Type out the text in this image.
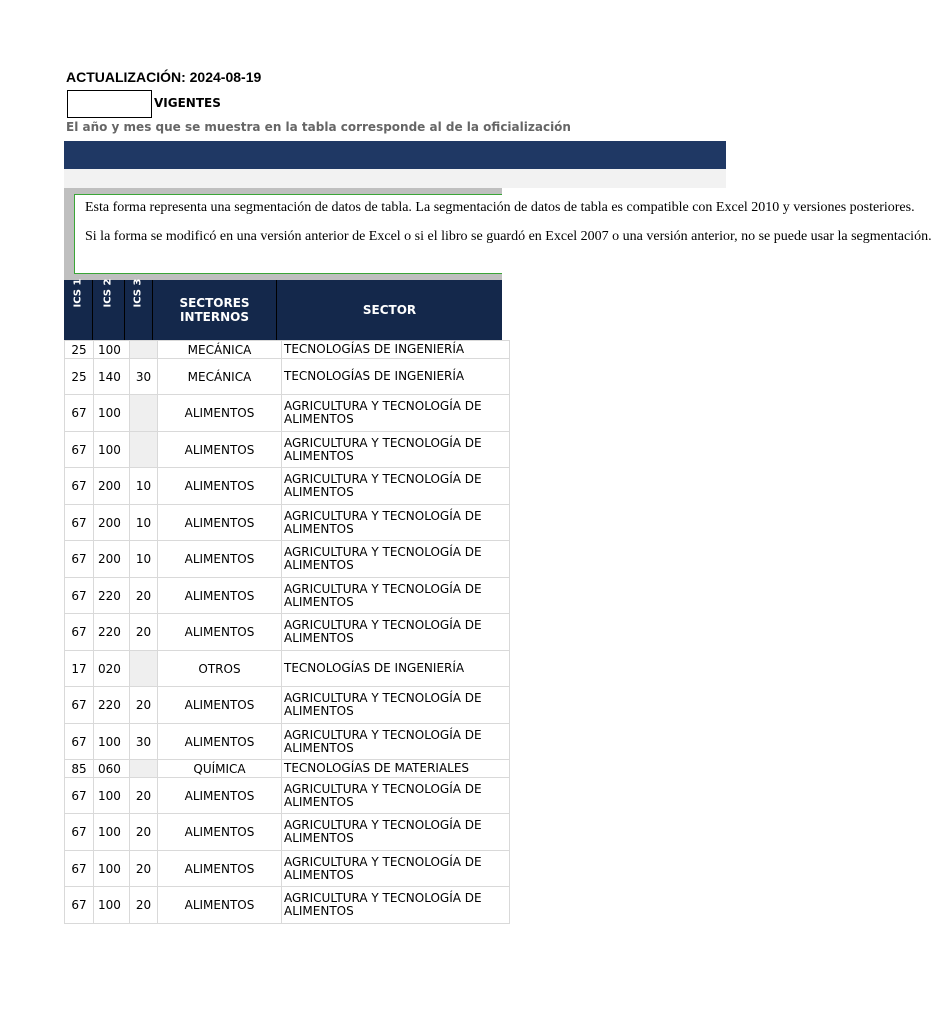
ACTUALIZACIÓN: 2024-08-19
VIGENTES
El año y mes que se muestra en la tabla corresponde al de la oficialización
Esta forma representa una segmentación de datos de tabla. La segmentación de datos de tabla es compatible con Excel 2010 y versiones posteriores.
Si la forma se modificó en una versión anterior de Excel o si el libro se guardó en Excel 2007 o una versión anterior, no se puede usar la segmentación.
ICS 1 ICS 2 ICS 3	SECTORES INTERNOS	SECTOR
25	100		MECÁNICA	TECNOLOGÍAS DE INGENIERÍA
25	140	30	MECÁNICA	TECNOLOGÍAS DE INGENIERÍA
67	100		ALIMENTOS	AGRICULTURA Y TECNOLOGÍA DE ALIMENTOS
67	100		ALIMENTOS	AGRICULTURA Y TECNOLOGÍA DE ALIMENTOS
67	200	10	ALIMENTOS	AGRICULTURA Y TECNOLOGÍA DE ALIMENTOS
67	200	10	ALIMENTOS	AGRICULTURA Y TECNOLOGÍA DE ALIMENTOS
67	200	10	ALIMENTOS	AGRICULTURA Y TECNOLOGÍA DE ALIMENTOS
67	220	20	ALIMENTOS	AGRICULTURA Y TECNOLOGÍA DE ALIMENTOS
67	220	20	ALIMENTOS	AGRICULTURA Y TECNOLOGÍA DE ALIMENTOS
17	020		OTROS	TECNOLOGÍAS DE INGENIERÍA
67	220	20	ALIMENTOS	AGRICULTURA Y TECNOLOGÍA DE ALIMENTOS
67	100	30	ALIMENTOS	AGRICULTURA Y TECNOLOGÍA DE ALIMENTOS
85	060		QUÍMICA	TECNOLOGÍAS DE MATERIALES
67	100	20	ALIMENTOS	AGRICULTURA Y TECNOLOGÍA DE ALIMENTOS
67	100	20	ALIMENTOS	AGRICULTURA Y TECNOLOGÍA DE ALIMENTOS
67	100	20	ALIMENTOS	AGRICULTURA Y TECNOLOGÍA DE ALIMENTOS
67	100	20	ALIMENTOS	AGRICULTURA Y TECNOLOGÍA DE ALIMENTOS
